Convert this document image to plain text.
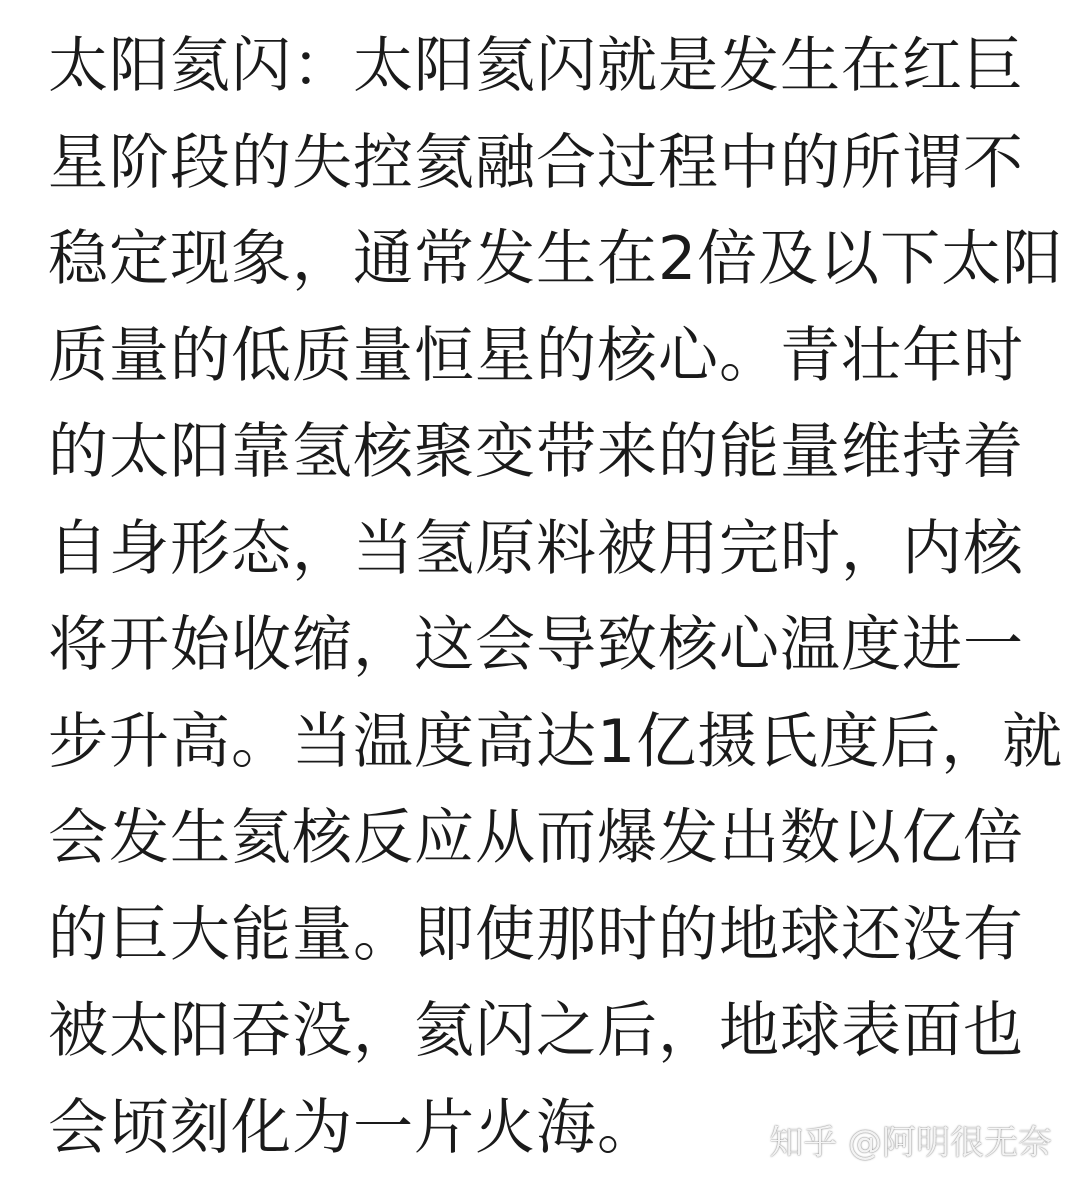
太阳氦闪：太阳氦闪就是发生在红巨
星阶段的失控氦融合过程中的所谓不
稳定现象，通常发生在2倍及以下太阳
质量的低质量恒星的核心。青壮年时
的太阳靠氢核聚变带来的能量维持着
自身形态，当氢原料被用完时，内核
将开始收缩，这会导致核心温度进一
步升高。当温度高达1亿摄氏度后，就
会发生氦核反应从而爆发出数以亿倍
的巨大能量。即使那时的地球还没有
被太阳吞没，氦闪之后，地球表面也
会顷刻化为一片火海。	知乎 @阿明很无奈
